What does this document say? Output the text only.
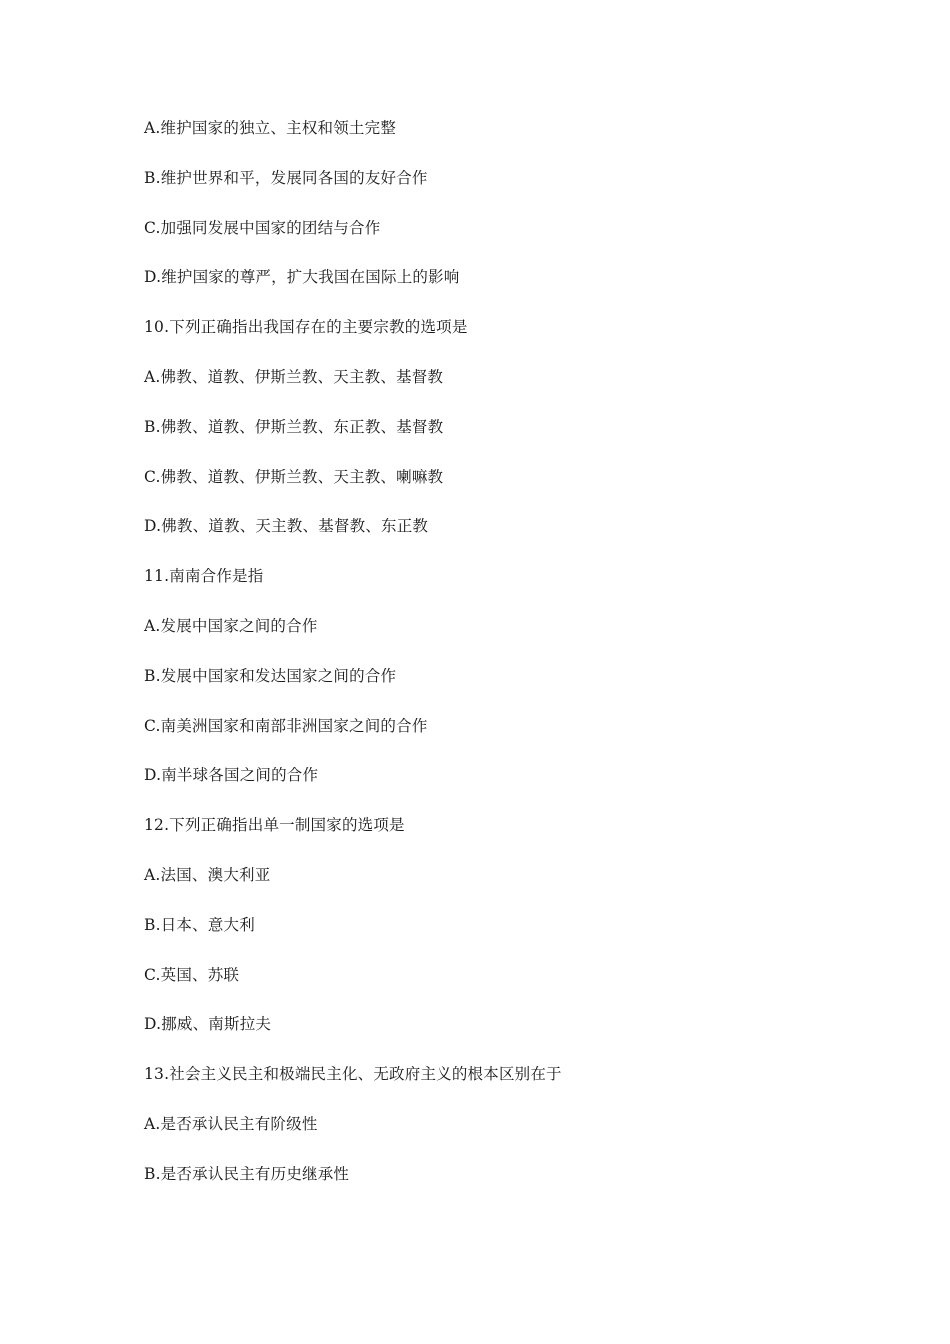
A.维护国家的独立、主权和领土完整
B.维护世界和平，发展同各国的友好合作
C.加强同发展中国家的团结与合作
D.维护国家的尊严，扩大我国在国际上的影响
10.下列正确指出我国存在的主要宗教的选项是
A.佛教、道教、伊斯兰教、天主教、基督教
B.佛教、道教、伊斯兰教、东正教、基督教
C.佛教、道教、伊斯兰教、天主教、喇嘛教
D.佛教、道教、天主教、基督教、东正教
11.南南合作是指
A.发展中国家之间的合作
B.发展中国家和发达国家之间的合作
C.南美洲国家和南部非洲国家之间的合作
D.南半球各国之间的合作
12.下列正确指出单一制国家的选项是
A.法国、澳大利亚
B.日本、意大利
C.英国、苏联
D.挪威、南斯拉夫
13.社会主义民主和极端民主化、无政府主义的根本区别在于
A.是否承认民主有阶级性
B.是否承认民主有历史继承性
